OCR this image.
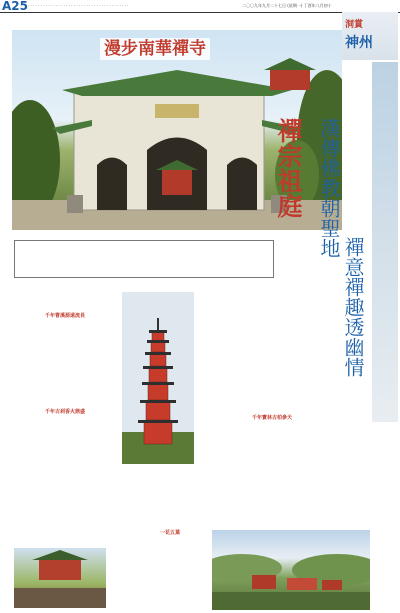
A25 · · · · · · · · · · · · · · · · · · · · · · · · · · · · · · · · · · · · · · · ·	二〇〇九年九月二十七日 (星期一) 丁酉年八月初十
洞賞
神州
漫步南華禪寺
禪宗祖庭 漢傳佛教朝聖地
禪意禪趣透幽情
千年曹溪源遠流長
千年古剎香火鼎盛
千年寶林古柏參天
一花五葉
